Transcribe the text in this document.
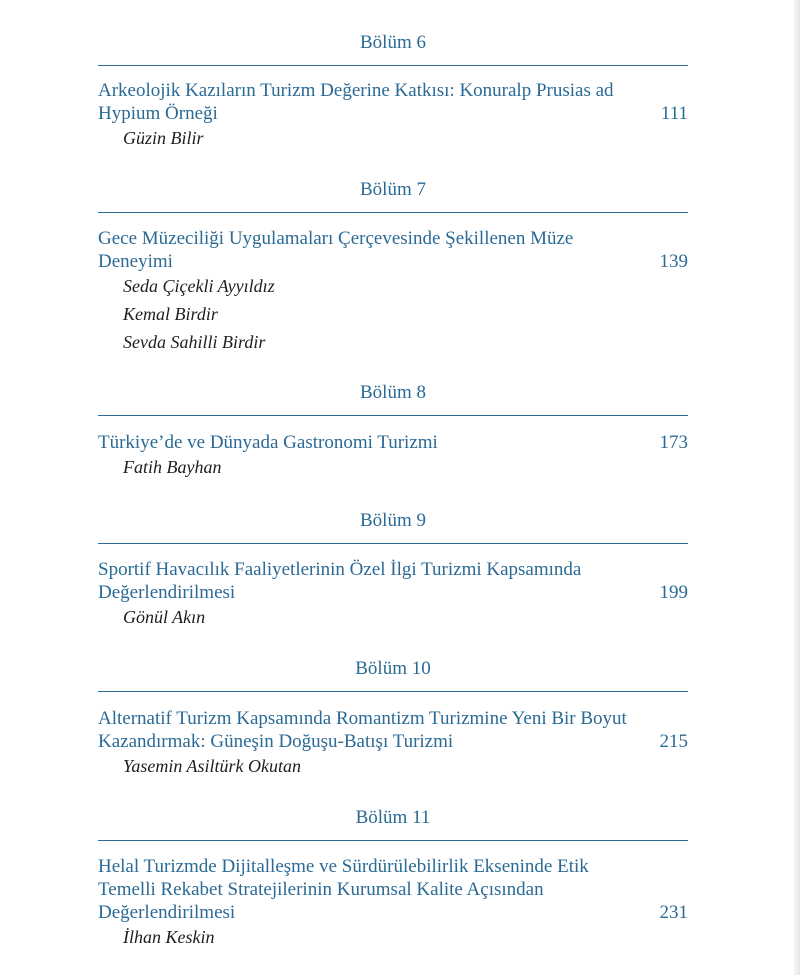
Bölüm 6
Arkeolojik Kazıların Turizm Değerine Katkısı: Konuralp Prusias ad Hypium Örneği	111
Güzin Bilir
Bölüm 7
Gece Müzeciliği Uygulamaları Çerçevesinde Şekillenen Müze Deneyimi	139
Seda Çiçekli Ayyıldız
Kemal Birdir
Sevda Sahilli Birdir
Bölüm 8
Türkiye’de ve Dünyada Gastronomi Turizmi	173
Fatih Bayhan
Bölüm 9
Sportif Havacılık Faaliyetlerinin Özel İlgi Turizmi Kapsamında Değerlendirilmesi	199
Gönül Akın
Bölüm 10
Alternatif Turizm Kapsamında Romantizm Turizmine Yeni Bir Boyut Kazandırmak: Güneşin Doğuşu-Batışı Turizmi	215
Yasemin Asiltürk Okutan
Bölüm 11
Helal Turizmde Dijitalleşme ve Sürdürülebilirlik Ekseninde Etik Temelli Rekabet Stratejilerinin Kurumsal Kalite Açısından Değerlendirilmesi	231
İlhan Keskin
